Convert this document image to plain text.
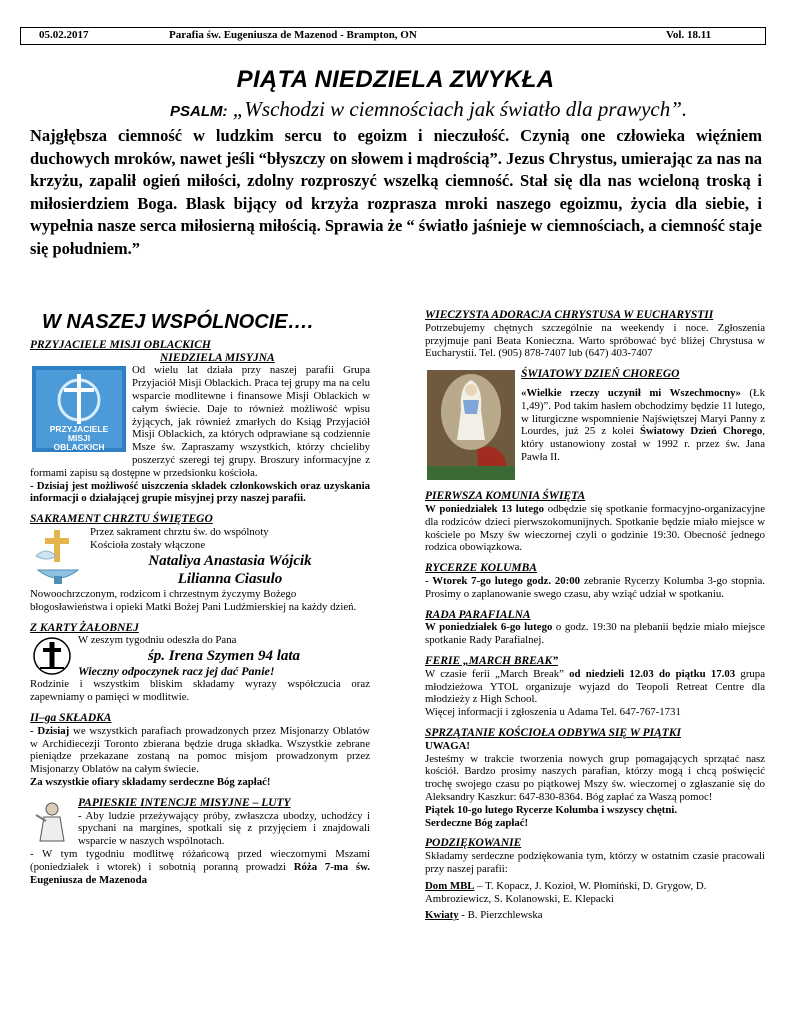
05.02.2017	Parafia św. Eugeniusza de Mazenod - Brampton, ON	Vol. 18.11
PIĄTA NIEDZIELA ZWYKŁA
PSALM: „Wschodzi w ciemnościach jak światło dla prawych”.
Najgłębsza ciemność w ludzkim sercu to egoizm i nieczułość. Czynią one człowieka więźniem duchowych mroków, nawet jeśli “błyszczy on słowem i mądrością”. Jezus Chrystus, umierając za nas na krzyżu, zapalił ogień miłości, zdolny rozproszyć wszelką ciemność. Stał się dla nas wcieloną troską i miłosierdziem Boga. Blask bijący od krzyża rozprasza mroki naszego egoizmu, życia dla siebie, i wypełnia nasze serca miłosierną miłością. Sprawia że “ światło jaśnieje w ciemnościach, a ciemność staje się południem.”
W NASZEJ WSPÓLNOCIE….

PRZYJACIELE MISJI OBLACKICH

NIEDZIELA MISYJNA

PRZYJACIELE
MISJI
OBLACKICH

Od wielu lat działa przy naszej parafii Grupa Przyjaciół Misji Oblackich. Praca tej grupy ma na celu wsparcie modlitewne i finansowe Misji Oblackich w całym świecie. Daje to również możliwość wpisu żyjących, jak również zmarłych do Ksiąg Przyjaciół Misji Oblackich, za których odprawiane są codziennie Msze św. Zapraszamy wszystkich, którzy chcieliby poszerzyć szeregi tej grupy. Broszury informacyjne z formami zapisu są dostępne w przedsionku kościoła.

- Dzisiaj jest możliwość uiszczenia składek członkowskich oraz uzyskania informacji o działającej grupie misyjnej przy naszej parafii.

SAKRAMENT CHRZTU ŚWIĘTEGO

Przez sakrament chrztu św. do wspólnoty

Kościoła zostały włączone

Nataliya Anastasia Wójcik

Lilianna Ciasulo

Nowoochrzczonym, rodzicom i chrzestnym życzymy Bożego błogosławieństwa i opieki Matki Bożej Pani Ludźmierskiej na każdy dzień.

Z KARTY ŻAŁOBNEJ

W zeszym tygodniu odeszła do Pana

śp. Irena Szymen 94 lata

Wieczny odpoczynek racz jej dać Panie!

Rodzinie i wszystkim bliskim składamy wyrazy współczucia oraz zapewniamy o pamięci w modlitwie.

II–ga SKŁADKA

- Dzisiaj we wszystkich parafiach prowadzonych przez Misjonarzy Oblatów w Archidiecezji Toronto zbierana będzie druga składka. Wszystkie zebrane pieniądze przekazane zostaną na pomoc misjom prowadzonym przez Misjonarzy Oblatów na całym świecie.

Za wszystkie ofiary składamy serdeczne Bóg zapłać!

PAPIESKIE INTENCJE MISYJNE – LUTY

- Aby ludzie przeżywający próby, zwłaszcza ubodzy, uchodźcy i spychani na margines, spotkali się z przyjęciem i znajdowali wsparcie w naszych wspólnotach.

- W tym tygodniu modlitwę różańcową przed wieczornymi Mszami (poniedziałek i wtorek) i sobotnią poranną prowadzi Róża 7-ma św. Eugeniusza de Mazenoda

WIECZYSTA ADORACJA CHRYSTUSA W EUCHARYSTII

Potrzebujemy chętnych szczególnie na weekendy i noce. Zgłoszenia przyjmuje pani Beata Konieczna. Warto spróbować być bliżej Chrystusa w Eucharystii. Tel. (905) 878-7407 lub (647) 403-7407

ŚWIATOWY DZIEŃ CHOREGO

«Wielkie rzeczy uczynił mi Wszechmocny» (Łk 1,49)”. Pod takim hasłem obchodzimy będzie 11 lutego, w liturgiczne wspomnienie Najświętszej Maryi Panny z Lourdes, już 25 z kolei Światowy Dzień Chorego, który ustanowiony został w 1992 r. przez św. Jana Pawła II.

PIERWSZA KOMUNIA ŚWIĘTA

W poniedziałek 13 lutego odbędzie się spotkanie formacyjno-organizacyjne dla rodziców dzieci pierwszokomunijnych. Spotkanie będzie miało miejsce w kościele po Mszy św wieczornej czyli o godzinie 19:30. Obecność jednego rodzica obowiązkowa.

RYCERZE KOLUMBA

- Wtorek 7-go lutego godz. 20:00 zebranie Rycerzy Kolumba 3-go stopnia. Prosimy o zaplanowanie swego czasu, aby wziąć udział w spotkaniu.

RADA PARAFIALNA

W poniedziałek 6-go lutego o godz. 19:30 na plebanii będzie miało miejsce spotkanie Rady Parafialnej.

FERIE „MARCH BREAK”

W czasie ferii „March Break” od niedzieli 12.03 do piątku 17.03 grupa młodzieżowa YTOL organizuje wyjazd do Teopoli Retreat Centre dla młodzieży z High School.

Więcej informacji i zgłoszenia u Adama Tel. 647-767-1731

SPRZĄTANIE KOŚCIOŁA ODBYWA SIĘ W PIĄTKI

UWAGA!

Jesteśmy w trakcie tworzenia nowych grup pomagających sprzątać nasz kościół. Bardzo prosimy naszych parafian, którzy mogą i chcą poświęcić trochę swojego czasu po piątkowej Mszy św. wieczornej o zgłaszanie się do Aleksandry Kaszkur: 647-830-8364. Bóg zapłać za Waszą pomoc!

Piątek 10-go lutego Rycerze Kolumba i wszyscy chętni.

Serdeczne Bóg zapłać!

PODZIĘKOWANIE

Składamy serdeczne podziękowania tym, którzy w ostatnim czasie pracowali przy naszej parafii:

Dom MBL – T. Kopacz, J. Kozioł, W. Płomiński, D. Grygow, D. Ambroziewicz, S. Kolanowski, E. Klepacki

Kwiaty - B. Pierzchlewska
